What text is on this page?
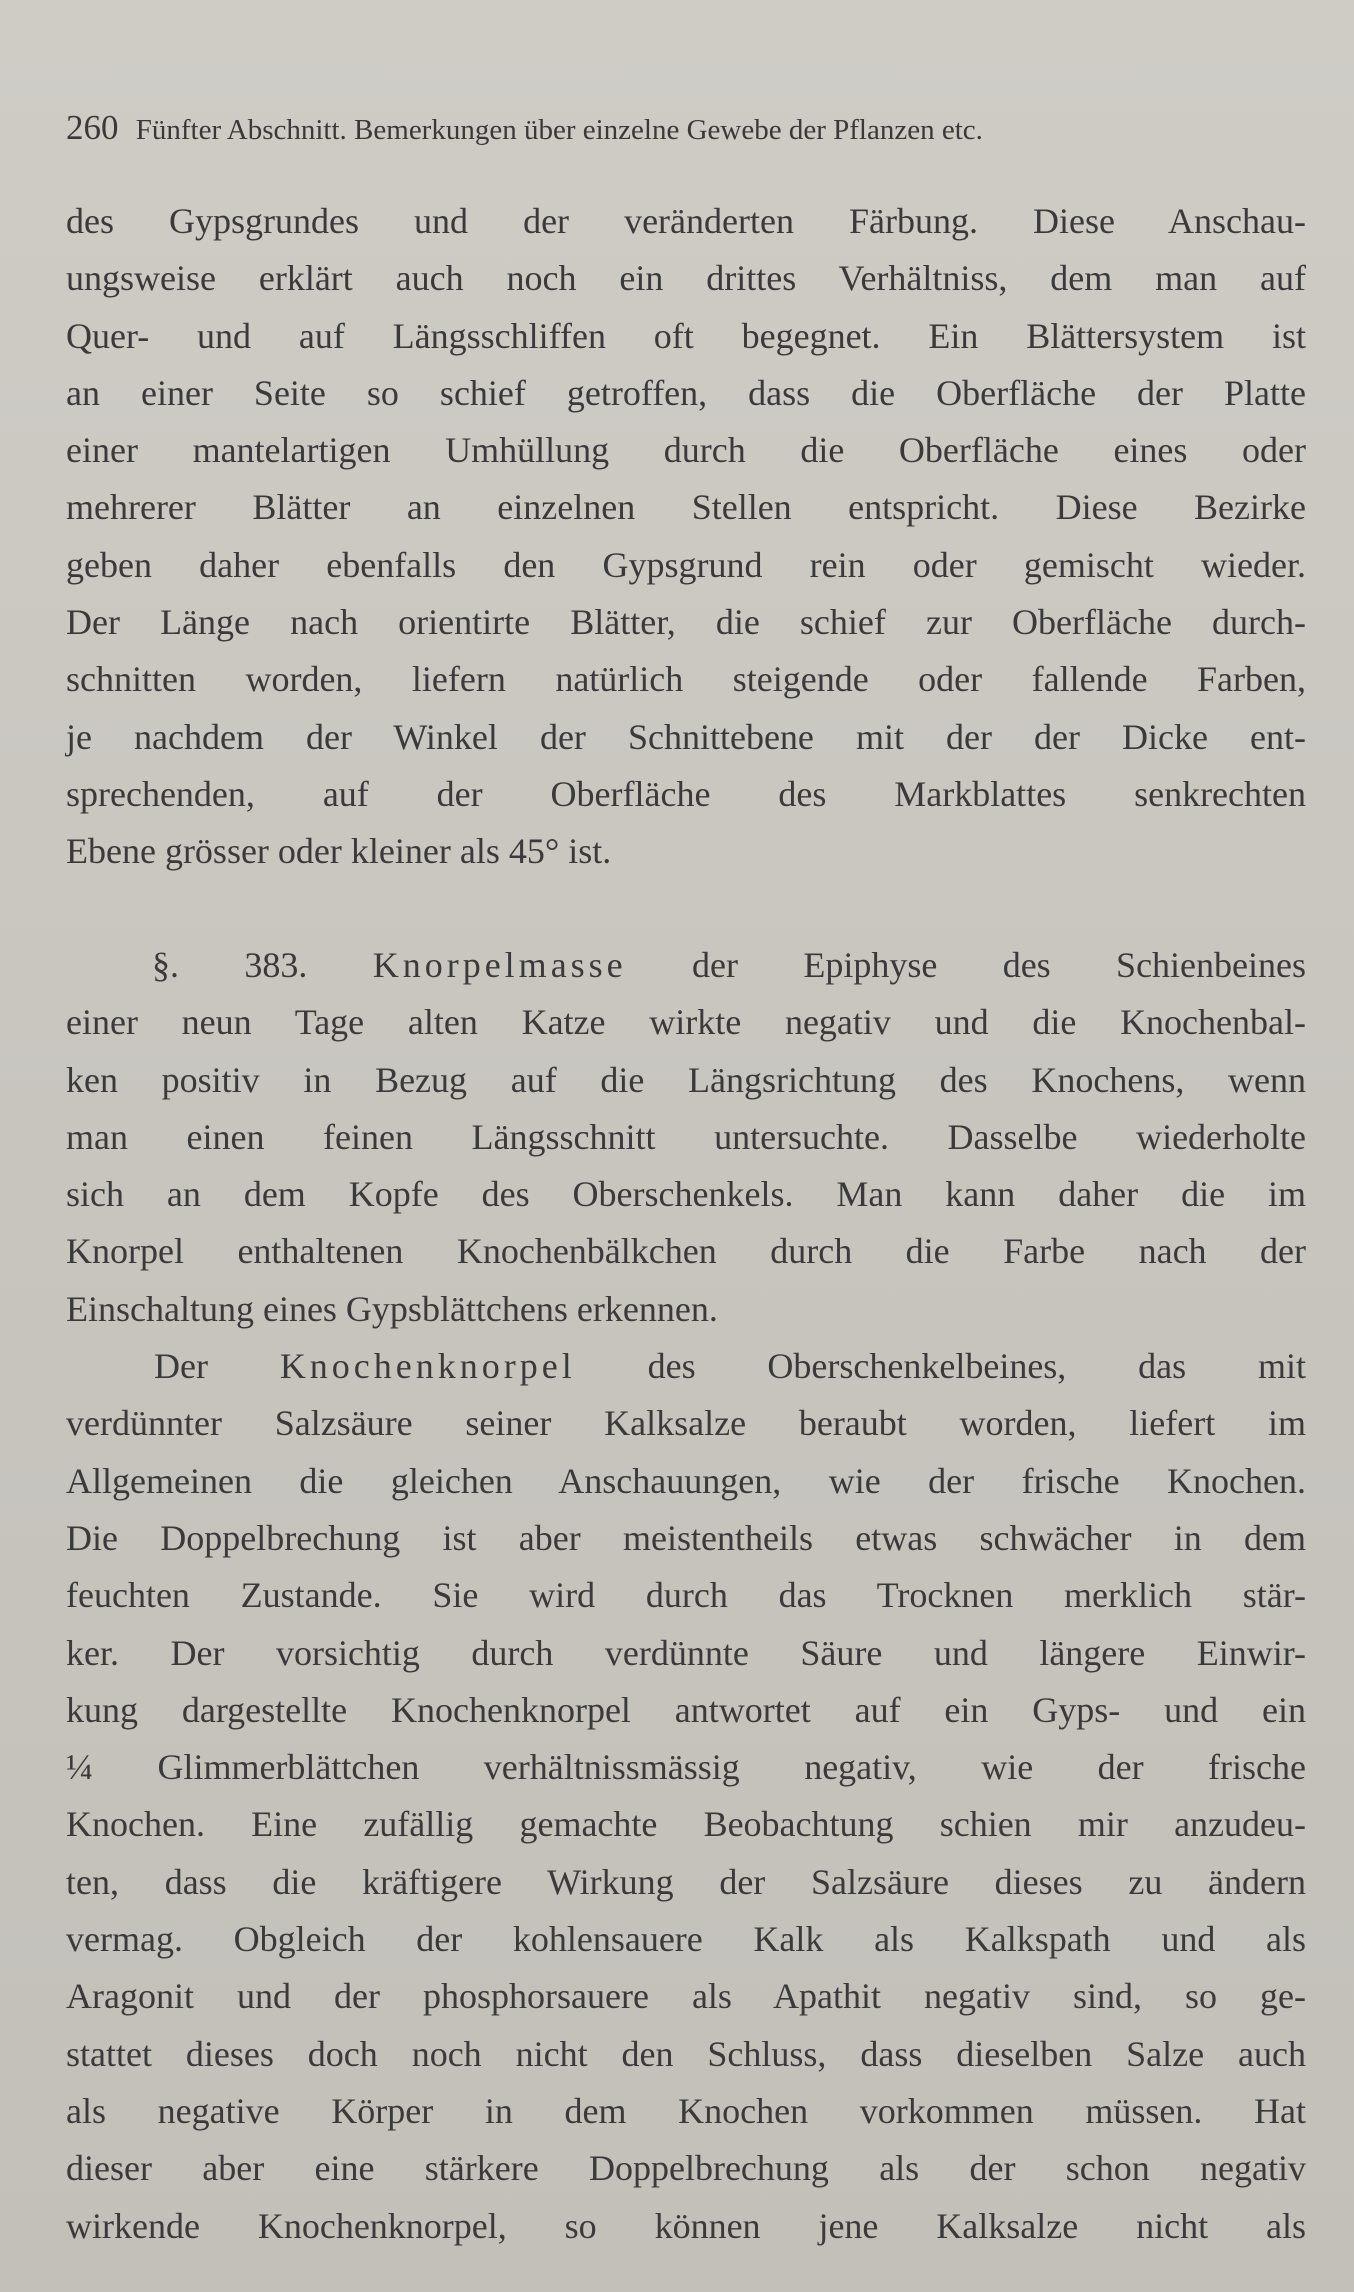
260 Fünfter Abschnitt. Bemerkungen über einzelne Gewebe der Pflanzen etc.
des Gypsgrundes und der veränderten Färbung. Diese Anschau-
ungsweise erklärt auch noch ein drittes Verhältniss, dem man auf
Quer- und auf Längsschliffen oft begegnet. Ein Blättersystem ist
an einer Seite so schief getroffen, dass die Oberfläche der Platte
einer mantelartigen Umhüllung durch die Oberfläche eines oder
mehrerer Blätter an einzelnen Stellen entspricht. Diese Bezirke
geben daher ebenfalls den Gypsgrund rein oder gemischt wieder.
Der Länge nach orientirte Blätter, die schief zur Oberfläche durch-
schnitten worden, liefern natürlich steigende oder fallende Farben,
je nachdem der Winkel der Schnittebene mit der der Dicke ent-
sprechenden, auf der Oberfläche des Markblattes senkrechten
Ebene grösser oder kleiner als 45° ist.
§. 383. Knorpelmasse der Epiphyse des Schienbeines
einer neun Tage alten Katze wirkte negativ und die Knochenbal-
ken positiv in Bezug auf die Längsrichtung des Knochens, wenn
man einen feinen Längsschnitt untersuchte. Dasselbe wiederholte
sich an dem Kopfe des Oberschenkels. Man kann daher die im
Knorpel enthaltenen Knochenbälkchen durch die Farbe nach der
Einschaltung eines Gypsblättchens erkennen.
Der Knochenknorpel des Oberschenkelbeines, das mit
verdünnter Salzsäure seiner Kalksalze beraubt worden, liefert im
Allgemeinen die gleichen Anschauungen, wie der frische Knochen.
Die Doppelbrechung ist aber meistentheils etwas schwächer in dem
feuchten Zustande. Sie wird durch das Trocknen merklich stär-
ker. Der vorsichtig durch verdünnte Säure und längere Einwir-
kung dargestellte Knochenknorpel antwortet auf ein Gyps- und ein
¼ Glimmerblättchen verhältnissmässig negativ, wie der frische
Knochen. Eine zufällig gemachte Beobachtung schien mir anzudeu-
ten, dass die kräftigere Wirkung der Salzsäure dieses zu ändern
vermag. Obgleich der kohlensauere Kalk als Kalkspath und als
Aragonit und der phosphorsauere als Apathit negativ sind, so ge-
stattet dieses doch noch nicht den Schluss, dass dieselben Salze auch
als negative Körper in dem Knochen vorkommen müssen. Hat
dieser aber eine stärkere Doppelbrechung als der schon negativ
wirkende Knochenknorpel, so können jene Kalksalze nicht als
